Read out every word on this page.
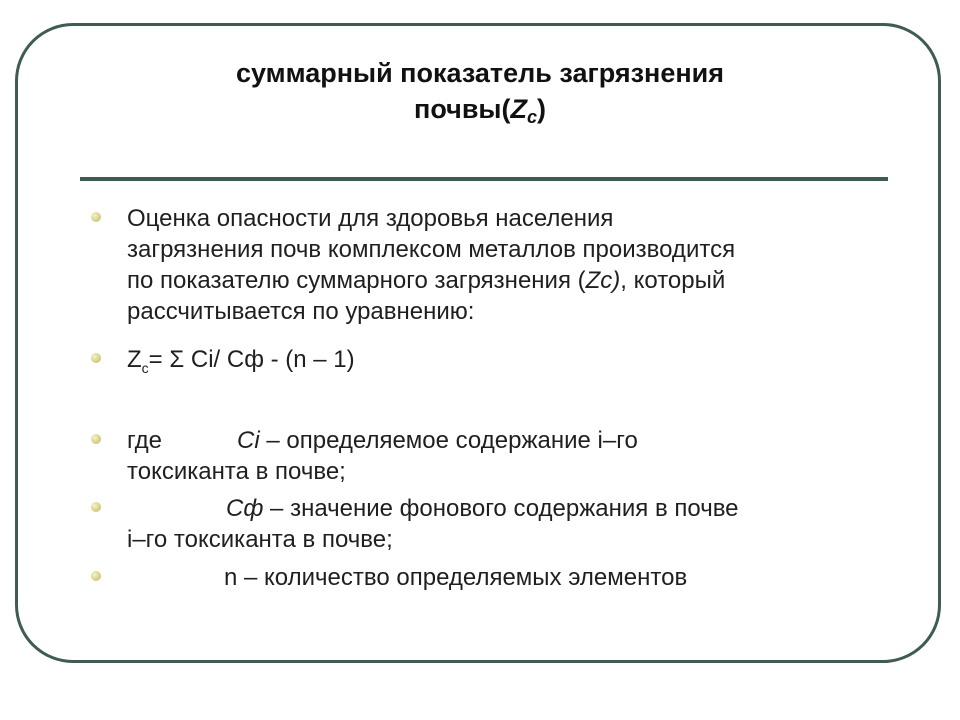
суммарный показатель загрязнения
$почвы(Z_c)$
Оценка опасности для здоровья населения
загрязнения почв комплексом металлов производится
по показателю суммарного загрязнения (Zc), который
рассчитывается по уравнению:
$Z_с= \Sigma$ Сi/ Сф - (n – 1)
где	Сi – определяемое содержание i–го
токсиканта в почве;
Сф – значение фонового содержания в почве
i–го токсиканта в почве;
n – количество определяемых элементов
